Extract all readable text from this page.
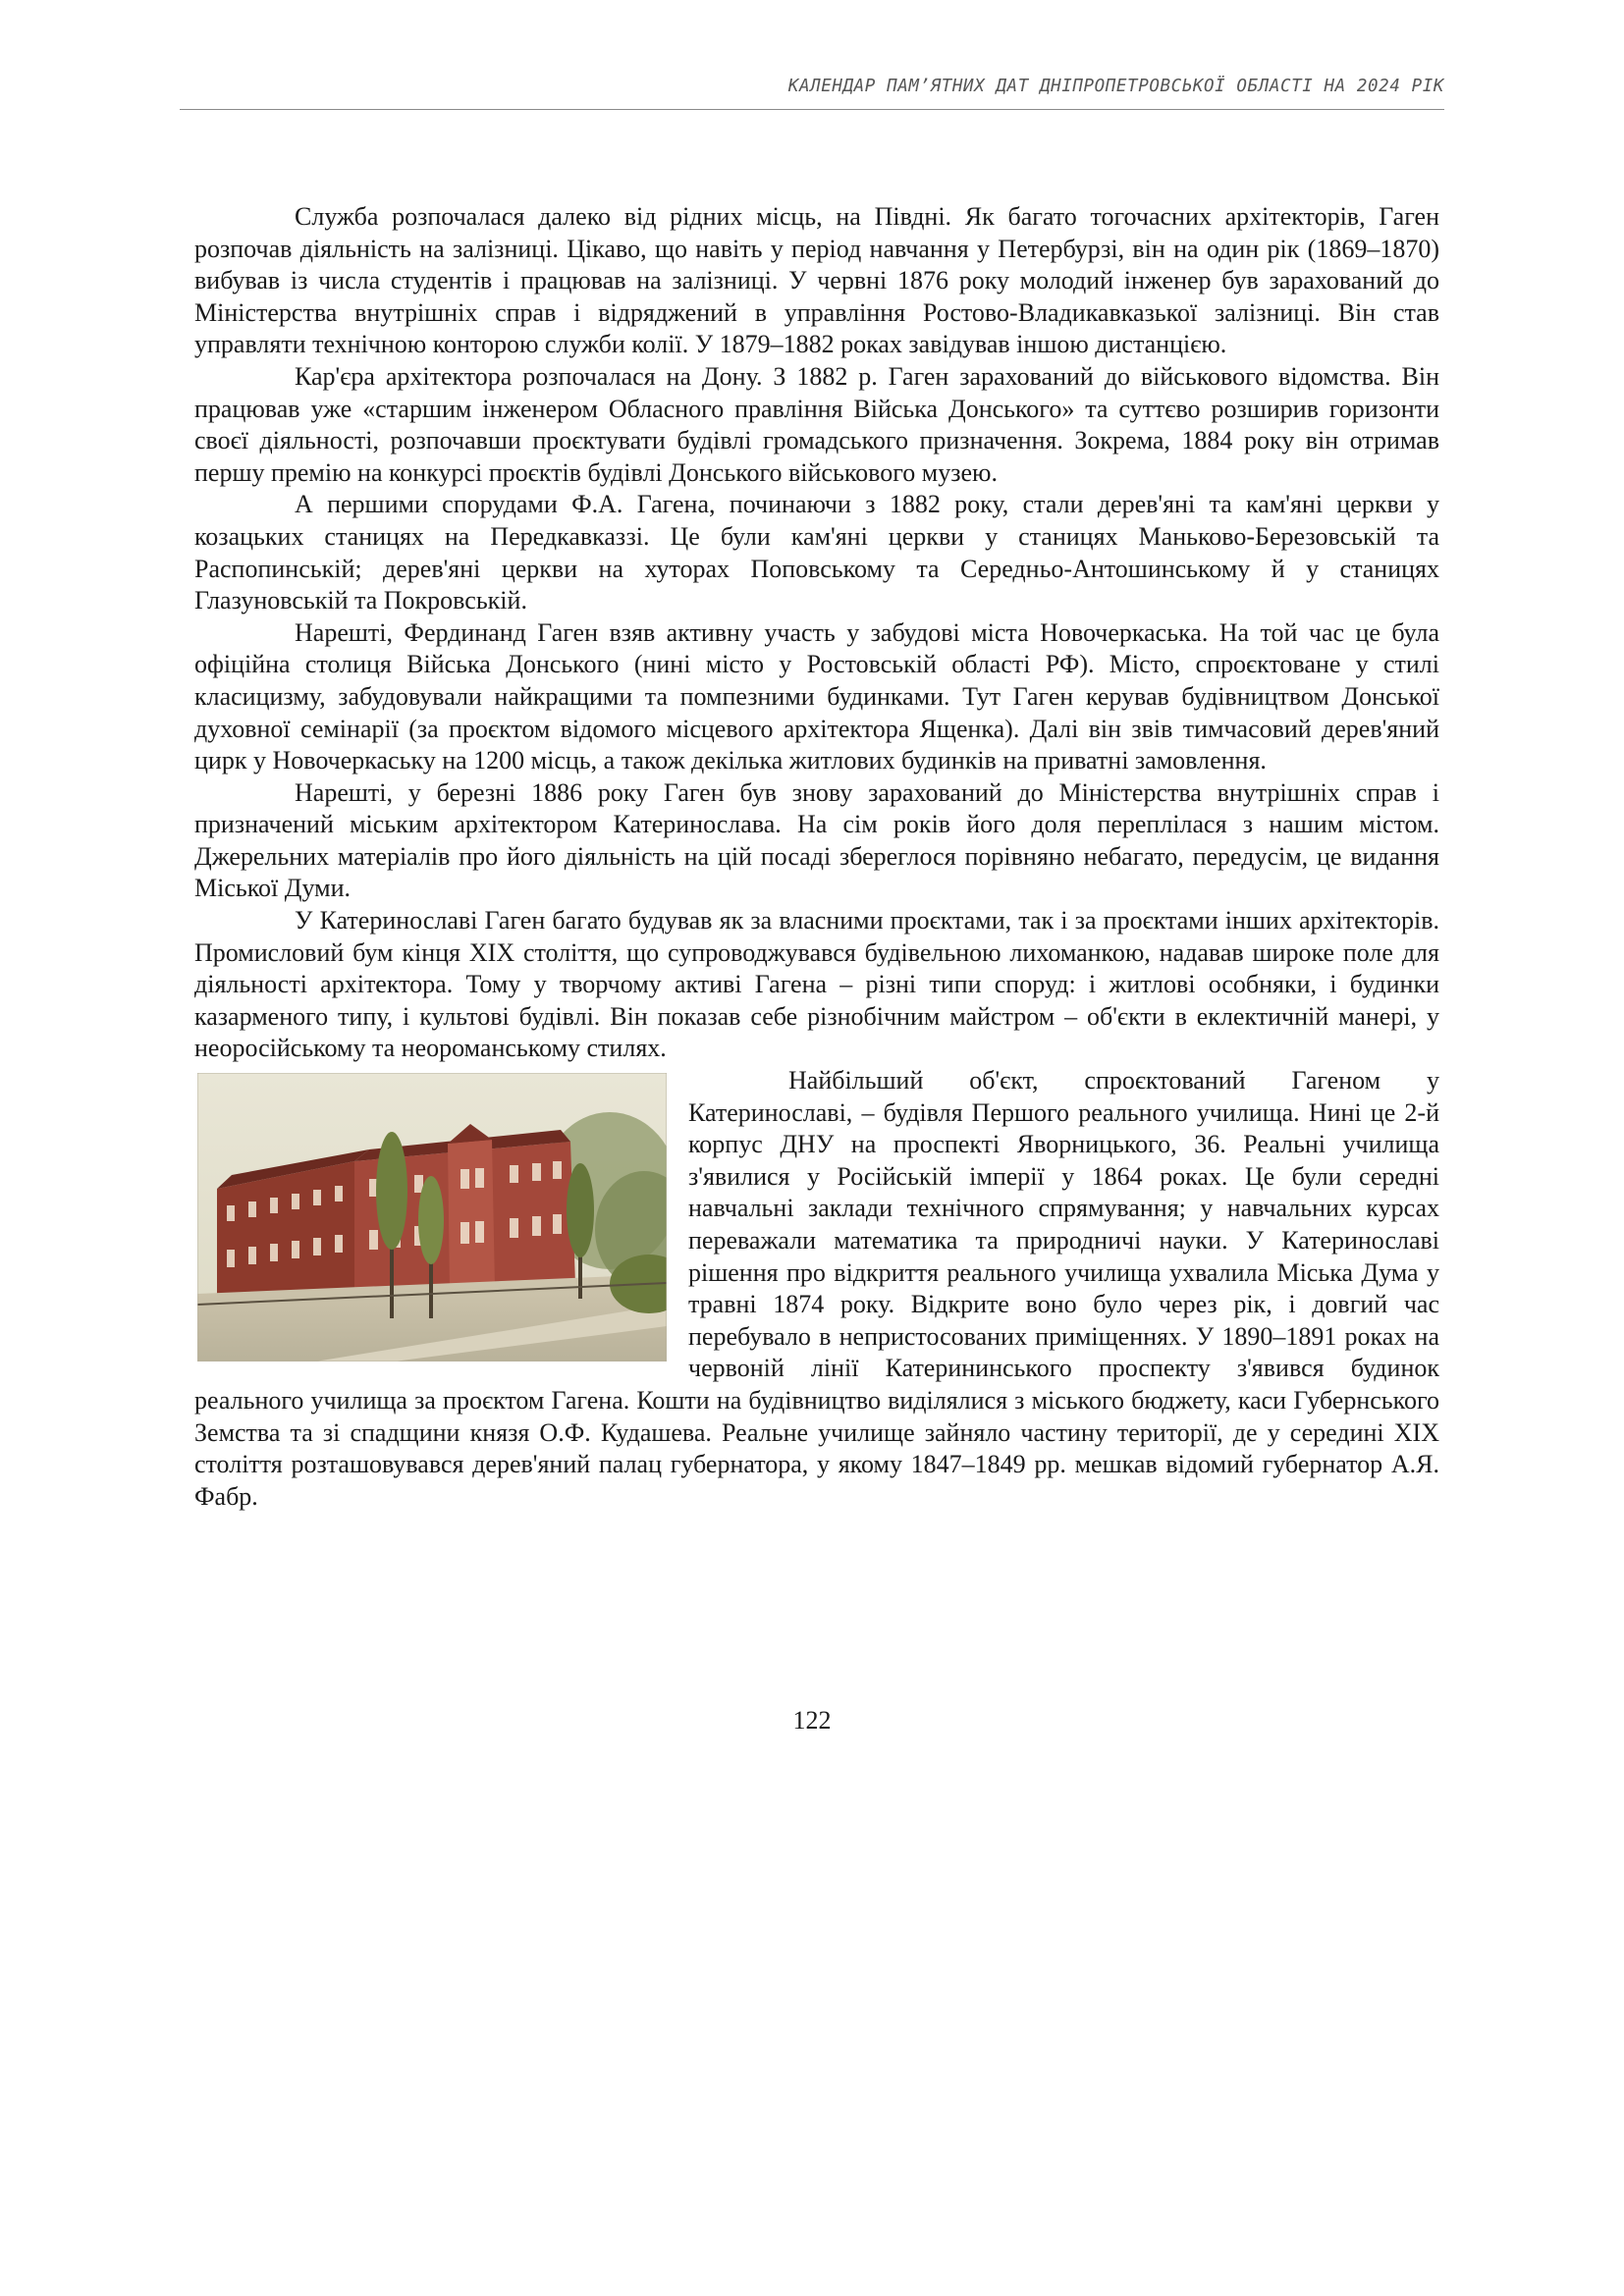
КАЛЕНДАР ПАМ’ЯТНИХ ДАТ ДНІПРОПЕТРОВСЬКОЇ ОБЛАСТІ НА 2024 РІК

Служба розпочалася далеко від рідних місць, на Півдні. Як багато тогочасних архітекторів, Гаген розпочав діяльність на залізниці. Цікаво, що навіть у період навчання у Петербурзі, він на один рік (1869–1870) вибував із числа студентів і працював на залізниці. У червні 1876 року молодий інженер був зарахований до Міністерства внутрішніх справ і відряджений в управління Ростово-Владикавказької залізниці. Він став управляти технічною конторою служби колії. У 1879–1882 роках завідував іншою дистанцією.

Кар'єра архітектора розпочалася на Дону. З 1882 р. Гаген зарахований до військового відомства. Він працював уже «старшим інженером Обласного правління Війська Донського» та суттєво розширив горизонти своєї діяльності, розпочавши проєктувати будівлі громадського призначення. Зокрема, 1884 року він отримав першу премію на конкурсі проєктів будівлі Донського військового музею.

А першими спорудами Ф.А. Гагена, починаючи з 1882 року, стали дерев'яні та кам'яні церкви у козацьких станицях на Передкавказзі. Це були кам'яні церкви у станицях Маньково-Березовській та Распопинській; дерев'яні церкви на хуторах Поповському та Середньо-Антошинському й у станицях Глазуновській та Покровській.

Нарешті, Фердинанд Гаген взяв активну участь у забудові міста Новочеркаська. На той час це була офіційна столиця Війська Донського (нині місто у Ростовській області РФ). Місто, спроєктоване у стилі класицизму, забудовували найкращими та помпезними будинками. Тут Гаген керував будівництвом Донської духовної семінарії (за проєктом відомого місцевого архітектора Ященка). Далі він звів тимчасовий дерев'яний цирк у Новочеркаську на 1200 місць, а також декілька житлових будинків на приватні замовлення.

Нарешті, у березні 1886 року Гаген був знову зарахований до Міністерства внутрішніх справ і призначений міським архітектором Катеринослава. На сім років його доля переплілася з нашим містом. Джерельних матеріалів про його діяльність на цій посаді збереглося порівняно небагато, передусім, це видання Міської Думи.

У Катеринославі Гаген багато будував як за власними проєктами, так і за проєктами інших архітекторів. Промисловий бум кінця ХІХ століття, що супроводжувався будівельною лихоманкою, надавав широке поле для діяльності архітектора. Тому у творчому активі Гагена – різні типи споруд: і житлові особняки, і будинки казарменого типу, і культові будівлі. Він показав себе різнобічним майстром – об'єкти в еклектичній манері, у неоросійському та неороманському стилях.

Найбільший об'єкт, спроєктований Гагеном у Катеринославі, – будівля Першого реального училища. Нині це 2-й корпус ДНУ на проспекті Яворницького, 36. Реальні училища з'явилися у Російській імперії у 1864 роках. Це були середні навчальні заклади технічного спрямування; у навчальних курсах переважали математика та природничі науки. У Катеринославі рішення про відкриття реального училища ухвалила Міська Дума у травні 1874 року. Відкрите воно було через рік, і довгий час перебувало в непристосованих приміщеннях. У 1890–1891 роках на червоній лінії Катерининського проспекту з'явився будинок реального училища за проєктом Гагена. Кошти на будівництво виділялися з міського бюджету, каси Губернського Земства та зі спадщини князя О.Ф. Кудашева. Реальне училище зайняло частину території, де у середині ХІХ століття розташовувався дерев'яний палац губернатора, у якому 1847–1849 рр. мешкав відомий губернатор А.Я. Фабр.

122
